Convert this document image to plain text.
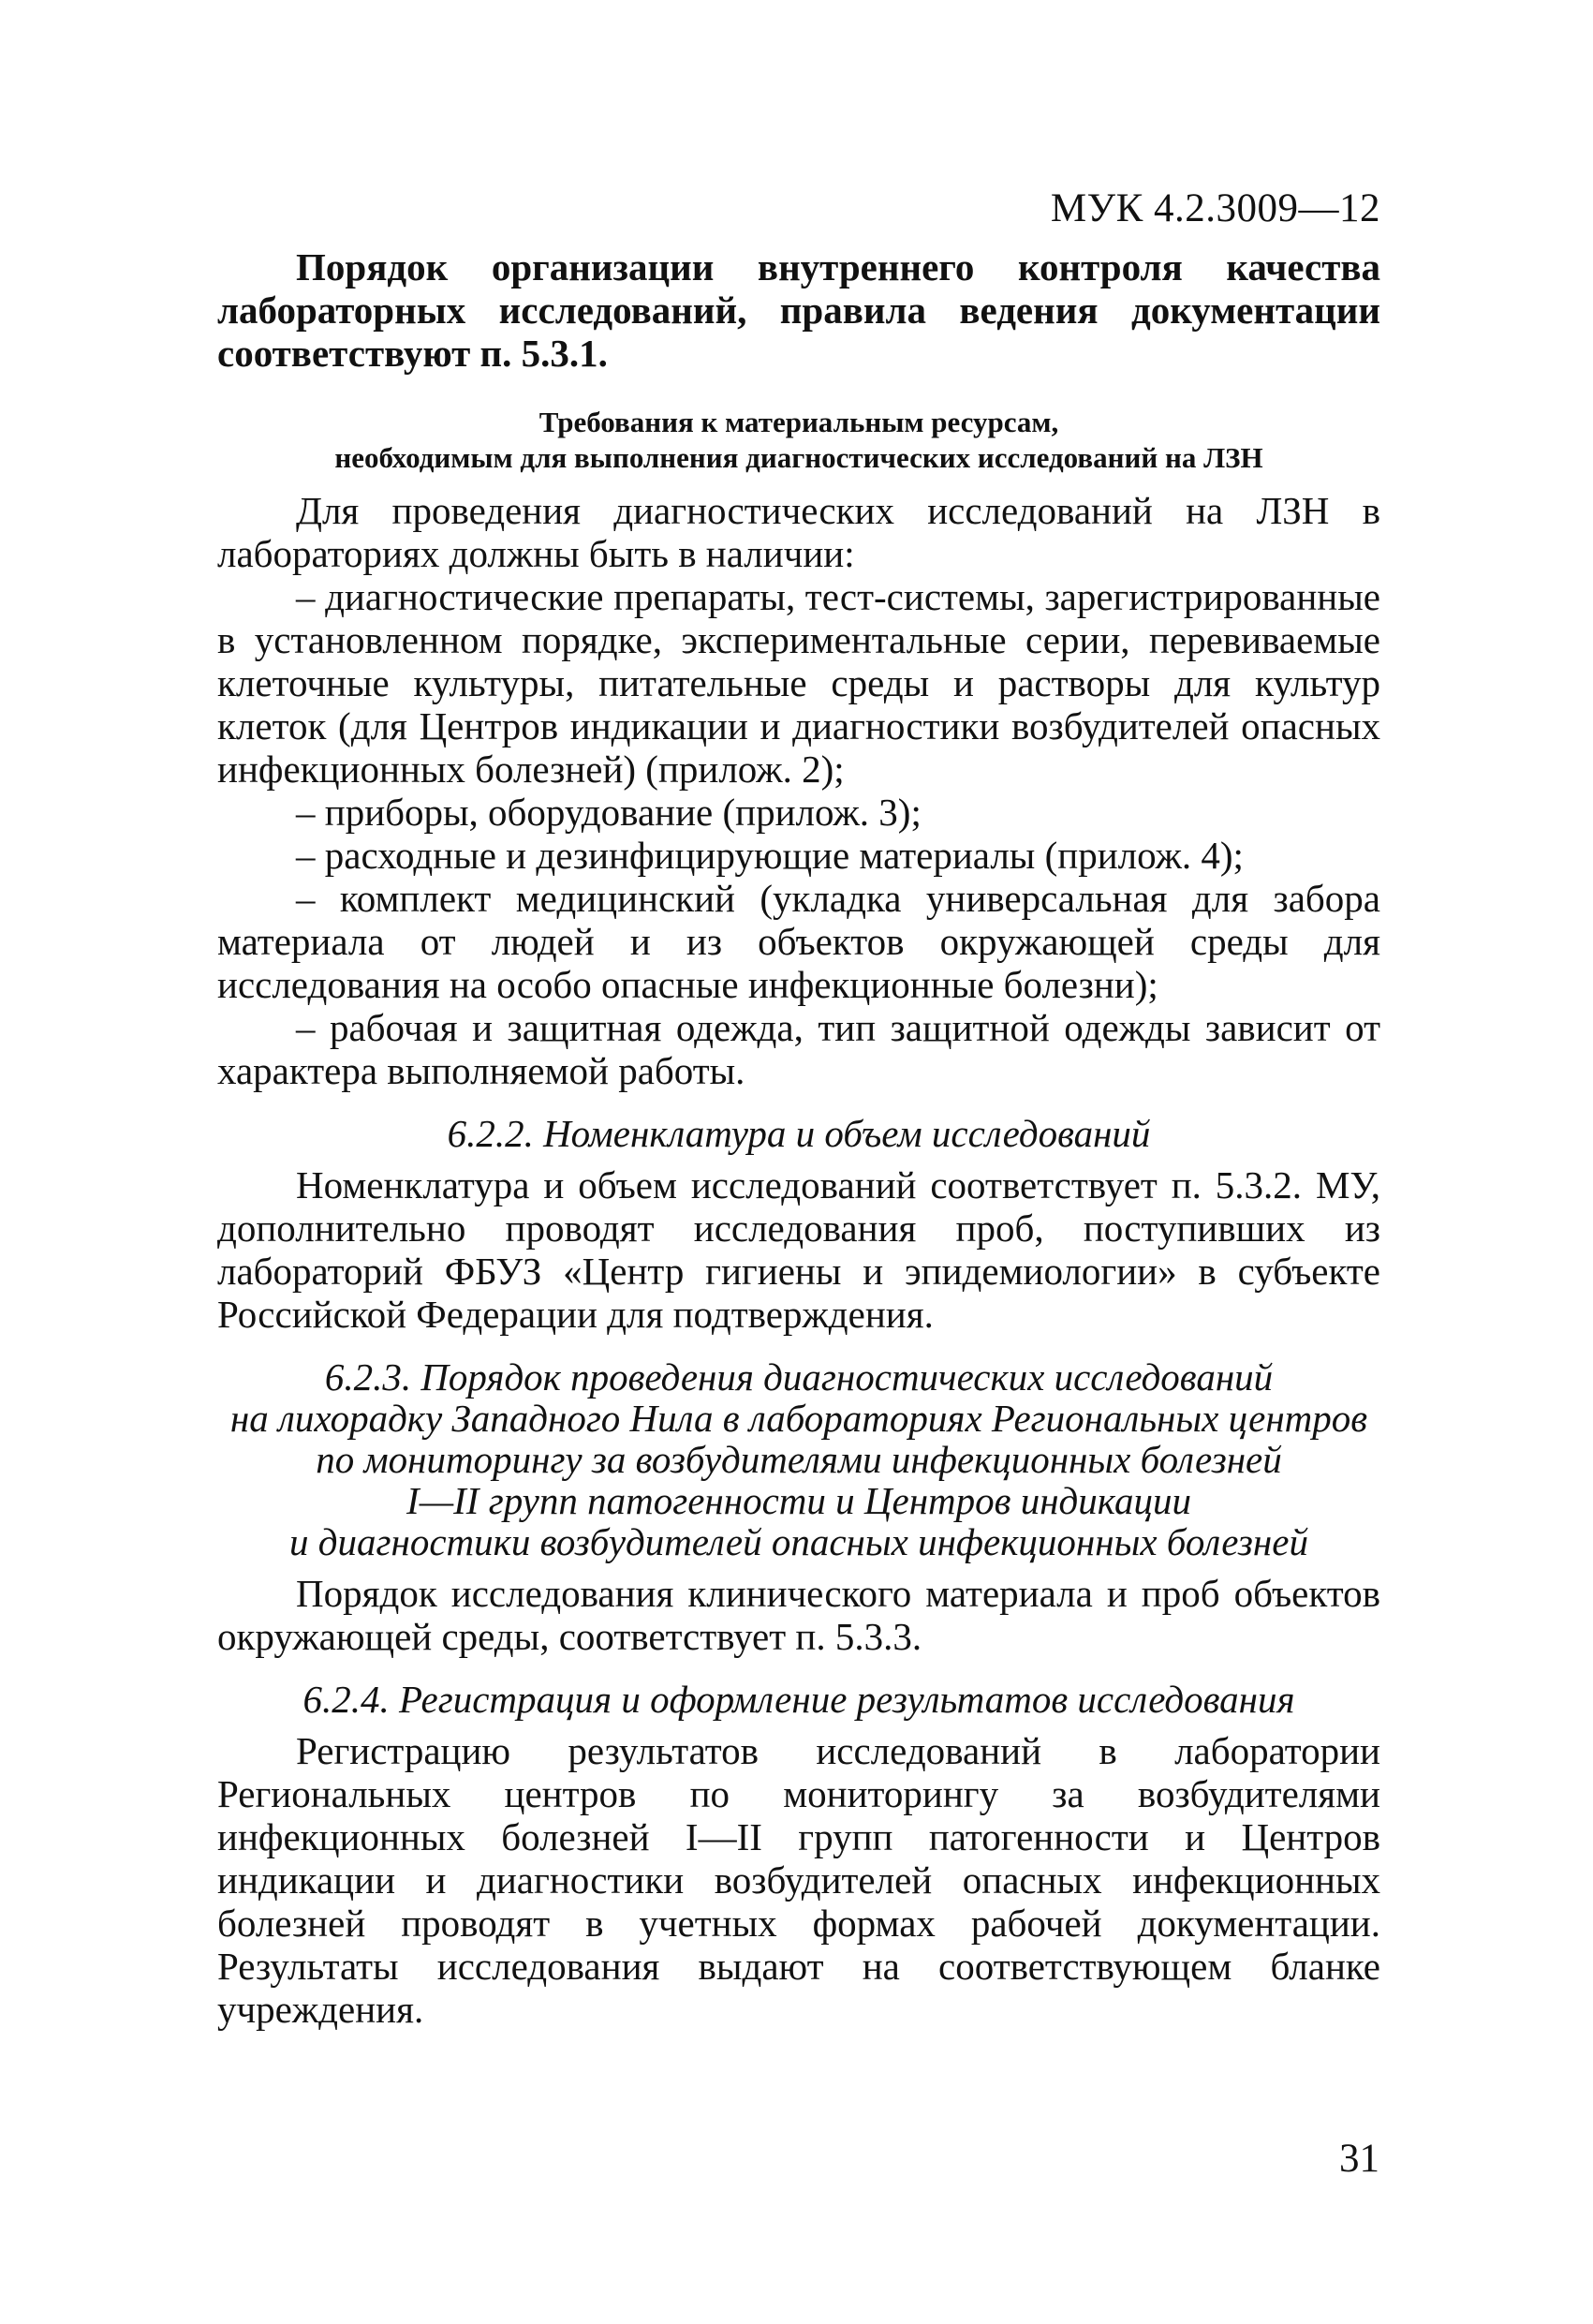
МУК 4.2.3009—12

Порядок организации внутреннего контроля качества лабораторных исследований, правила ведения документации соответствуют п. 5.3.1.

Требования к материальным ресурсам,
необходимым для выполнения диагностических исследований на ЛЗН

Для проведения диагностических исследований на ЛЗН в лабораториях должны быть в наличии:

– диагностические препараты, тест-системы, зарегистрированные в установленном порядке, экспериментальные серии, перевиваемые клеточные культуры, питательные среды и растворы для культур клеток (для Центров индикации и диагностики возбудителей опасных инфекционных болезней) (прилож. 2);

– приборы, оборудование (прилож. 3);

– расходные и дезинфицирующие материалы (прилож. 4);

– комплект медицинский (укладка универсальная для забора материала от людей и из объектов окружающей среды для исследования на особо опасные инфекционные болезни);

– рабочая и защитная одежда, тип защитной одежды зависит от характера выполняемой работы.

6.2.2. Номенклатура и объем исследований

Номенклатура и объем исследований соответствует п. 5.3.2. МУ, дополнительно проводят исследования проб, поступивших из лабораторий ФБУЗ «Центр гигиены и эпидемиологии» в субъекте Российской Федерации для подтверждения.

6.2.3. Порядок проведения диагностических исследований
на лихорадку Западного Нила в лабораториях Региональных центров
по мониторингу за возбудителями инфекционных болезней
I—II групп патогенности и Центров индикации
и диагностики возбудителей опасных инфекционных болезней

Порядок исследования клинического материала и проб объектов окружающей среды, соответствует п. 5.3.3.

6.2.4. Регистрация и оформление результатов исследования

Регистрацию результатов исследований в лаборатории Региональных центров по мониторингу за возбудителями инфекционных болезней I—II групп патогенности и Центров индикации и диагностики возбудителей опасных инфекционных болезней проводят в учетных формах рабочей документации. Результаты исследования выдают на соответствующем бланке учреждения.

31
